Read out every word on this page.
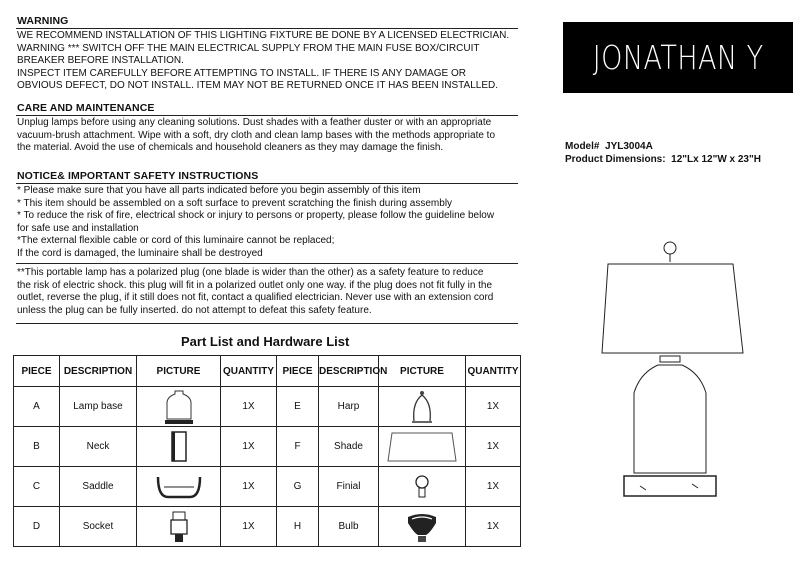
WARNING
WE RECOMMEND INSTALLATION OF THIS LIGHTING FIXTURE BE DONE BY A LICENSED ELECTRICIAN.
WARNING *** SWITCH OFF THE MAIN ELECTRICAL SUPPLY FROM THE MAIN FUSE BOX/CIRCUIT
BREAKER BEFORE INSTALLATION.
INSPECT ITEM CAREFULLY BEFORE ATTEMPTING TO INSTALL. IF THERE IS ANY DAMAGE OR
OBVIOUS DEFECT, DO NOT INSTALL. ITEM MAY NOT BE RETURNED ONCE IT HAS BEEN INSTALLED.
CARE AND MAINTENANCE
Unplug lamps before using any cleaning solutions. Dust shades with a feather duster or with an appropriate
vacuum-brush attachment. Wipe with a soft, dry cloth and clean lamp bases with the methods appropriate to
the material. Avoid the use of chemicals and household cleaners as they may damage the finish.
NOTICE& IMPORTANT SAFETY INSTRUCTIONS
* Please make sure that you have all parts indicated before you begin assembly of this item
* This item should be assembled on a soft surface to prevent scratching the finish during assembly
* To reduce the risk of fire, electrical shock or injury to persons or property, please follow the guideline below
for safe use and installation
*The external flexible cable or cord of this luminaire cannot be replaced;
If the cord is damaged, the luminaire shall be destroyed
**This portable lamp has a polarized plug (one blade is wider than the other) as a safety feature to reduce
the risk of electric shock. this plug will fit in a polarized outlet only one way. if the plug does not fit fully in the
outlet, reverse the plug, if it still does not fit, contact a qualified electrician. Never use with an extension cord
unless the plug can be fully inserted. do not attempt to defeat this safety feature.
JONATHAN Y
Model# JYL3004A
Product Dimensions: 12"Lx 12"W x 23"H
Part List and Hardware List
PIECE	DESCRIPTION	PICTURE	QUANTITY	PIECE	DESCRIPTION	PICTURE	QUANTITY
A	Lamp base		1X	E	Harp		1X
B	Neck		1X	F	Shade		1X
C	Saddle		1X	G	Finial		1X
D	Socket		1X	H	Bulb		1X
